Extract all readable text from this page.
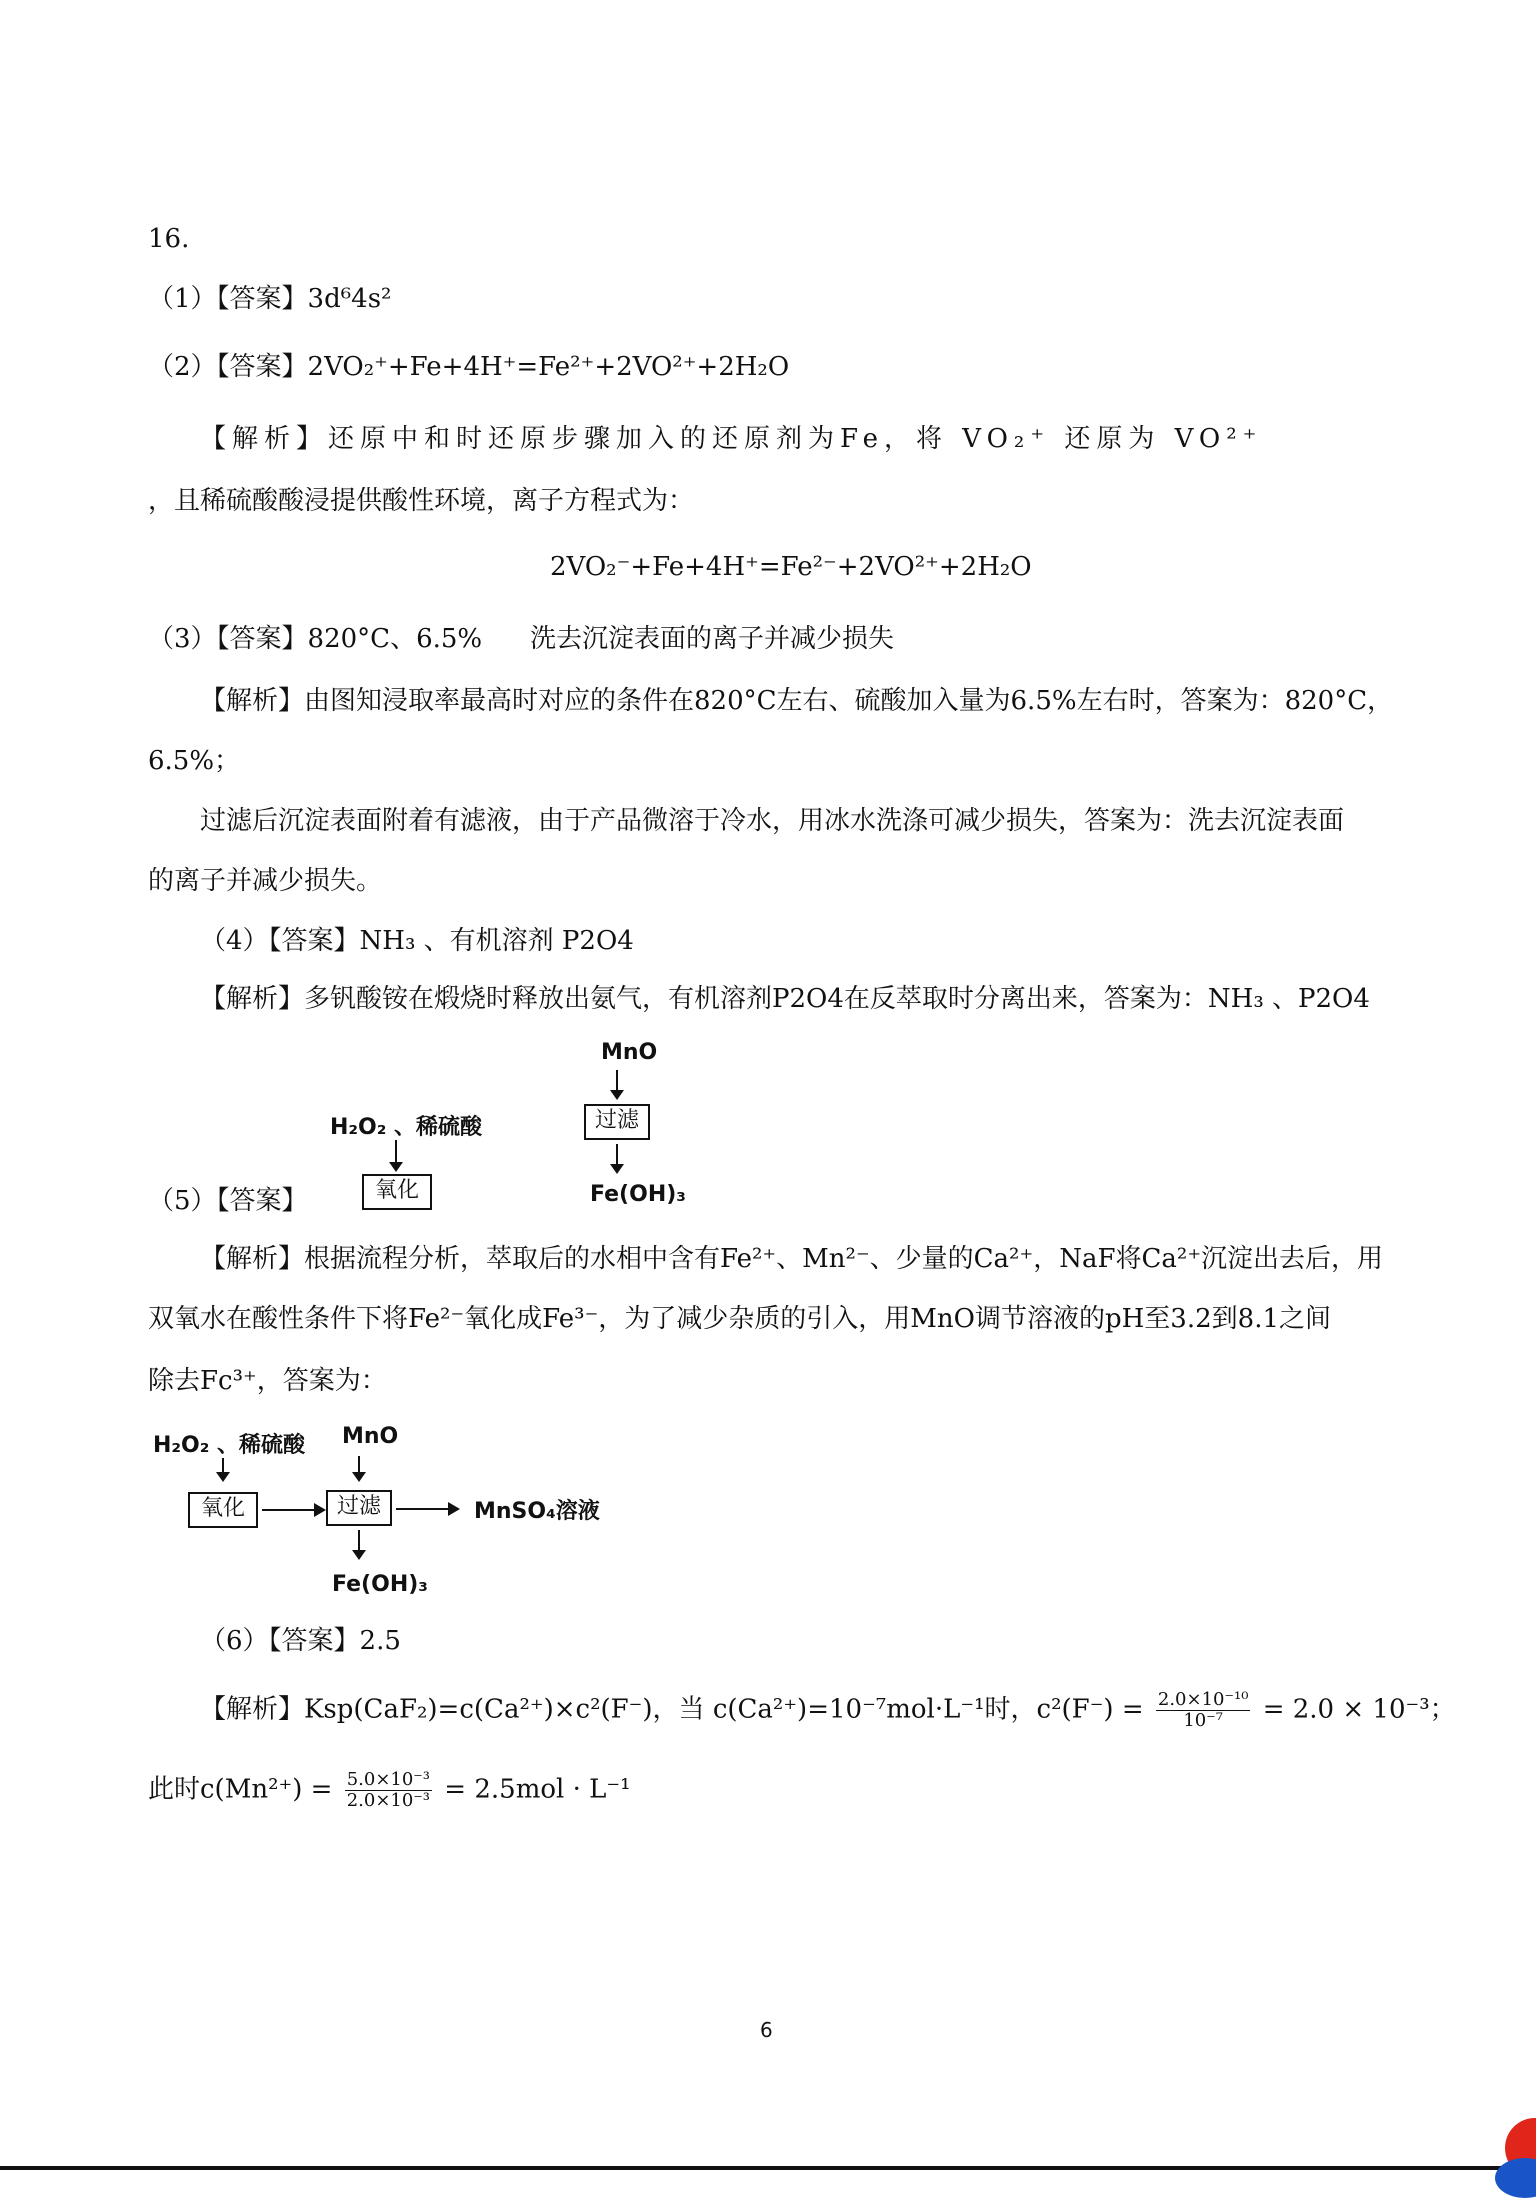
16.
（1）【答案】3d⁶4s²
（2）【答案】2VO₂⁺+Fe+4H⁺=Fe²⁺+2VO²⁺+2H₂O
【解析】还原中和时还原步骤加入的还原剂为Fe，将 VO₂⁺ 还原为 VO²⁺
，且稀硫酸酸浸提供酸性环境，离子方程式为：
2VO₂⁻+Fe+4H⁺=Fe²⁻+2VO²⁺+2H₂O
（3）【答案】820°C、6.5% 洗去沉淀表面的离子并减少损失
【解析】由图知浸取率最高时对应的条件在820°C左右、硫酸加入量为6.5%左右时，答案为：820°C，
6.5%；
过滤后沉淀表面附着有滤液，由于产品微溶于冷水，用冰水洗涤可减少损失，答案为：洗去沉淀表面
的离子并减少损失。
（4）【答案】NH₃ 、有机溶剂 P2O4
【解析】多钒酸铵在煅烧时释放出氨气，有机溶剂P2O4在反萃取时分离出来，答案为：NH₃ 、P2O4
（5）【答案】
H₂O₂ 、稀硫酸
氧化
MnO
过滤
Fe(OH)₃
【解析】根据流程分析，萃取后的水相中含有Fe²⁺、Mn²⁻、少量的Ca²⁺，NaF将Ca²⁺沉淀出去后，用
双氧水在酸性条件下将Fe²⁻氧化成Fe³⁻，为了减少杂质的引入，用MnO调节溶液的pH至3.2到8.1之间
除去Fc³⁺，答案为：
H₂O₂ 、稀硫酸
氧化
MnO
过滤	MnSO₄溶液
Fe(OH)₃
（6）【答案】2.5
【解析】Ksp(CaF₂)=c(Ca²⁺)×c²(F⁻)，当 c(Ca²⁺)=10⁻⁷mol·L⁻¹时，$c^2(F^-) = \frac{\text{2.0×10⁻¹⁰}}{\text{10⁻⁷}} = 2.0 \times 10^{-3}$；
此时$c(Mn^{2+}) = \frac{\text{5.0×10⁻³}}{\text{2.0×10⁻³}} = 2.5mol \cdot L^{-1}$
6
